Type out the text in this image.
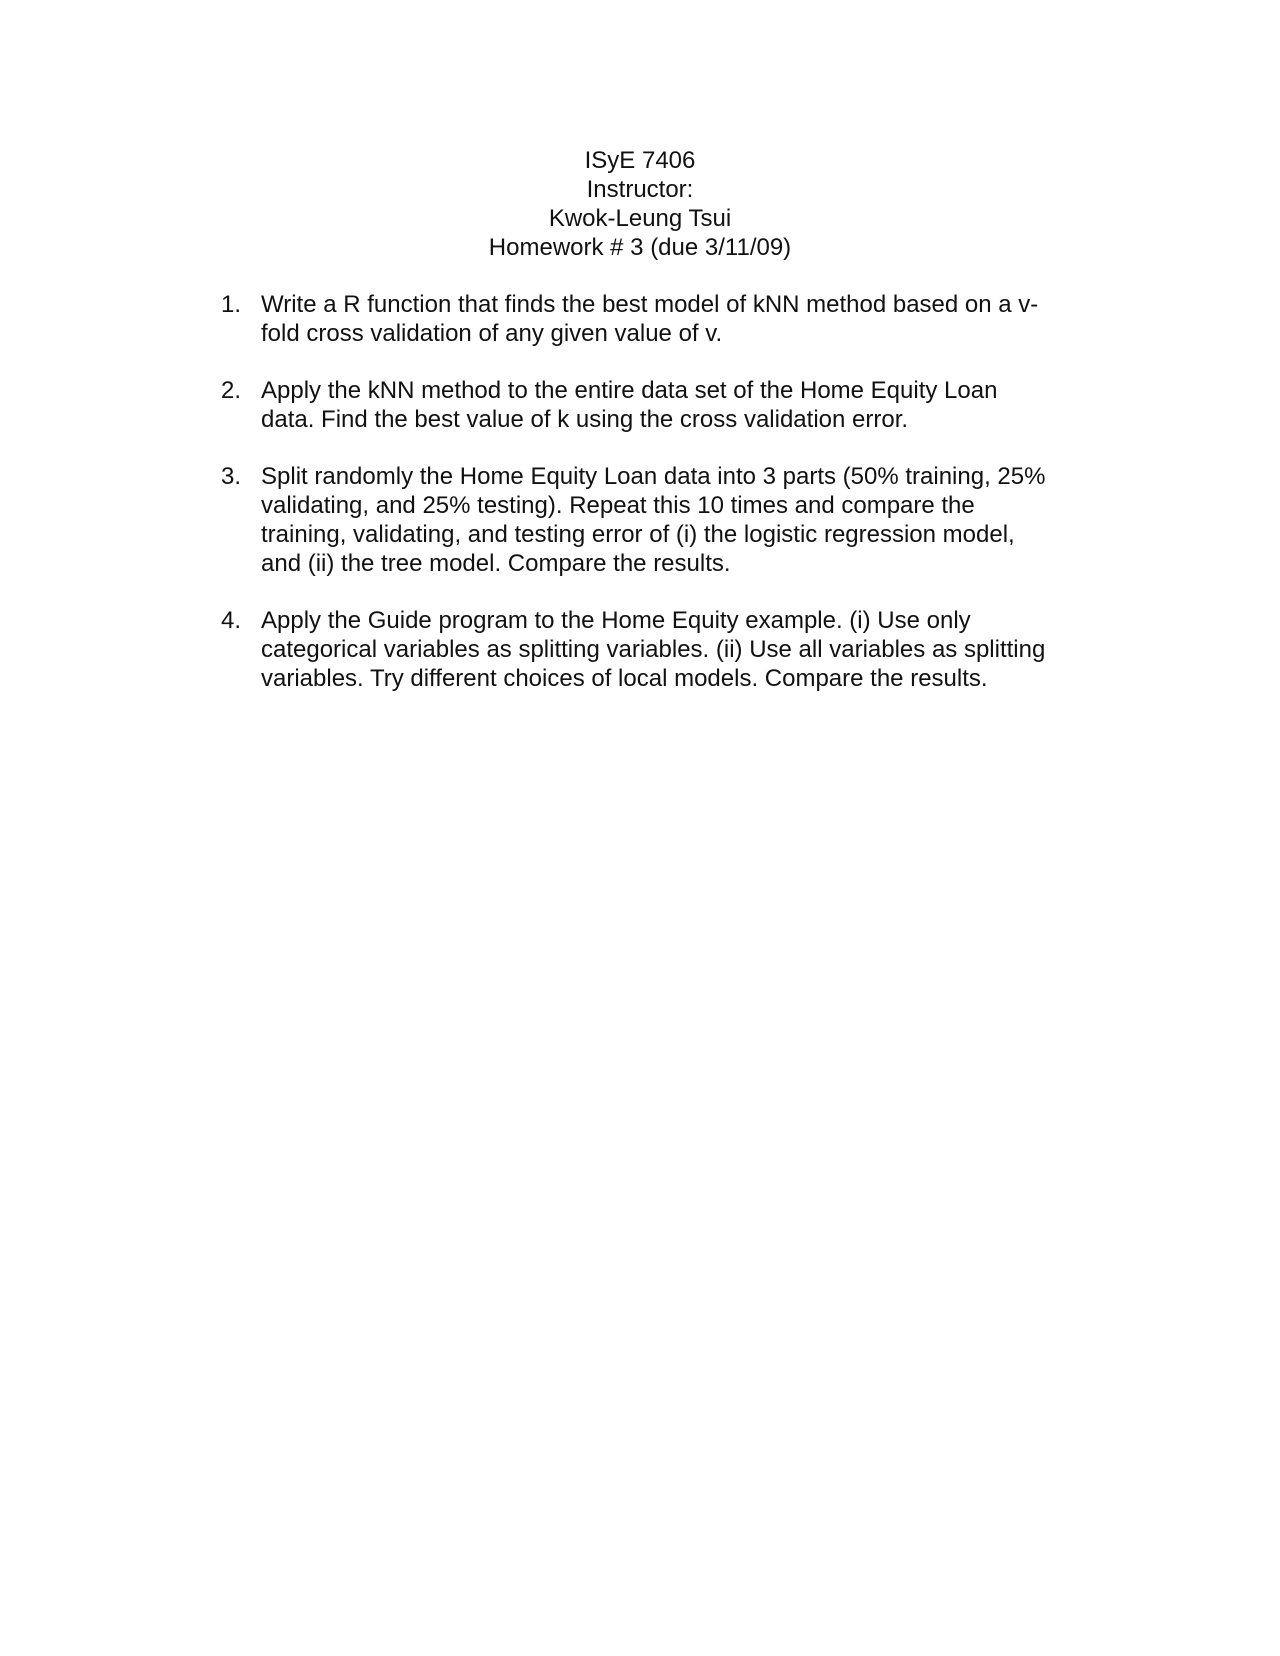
ISyE 7406
Instructor:
Kwok-Leung Tsui
Homework # 3 (due 3/11/09)
1. Write a R function that finds the best model of kNN method based on a v-
fold cross validation of any given value of v.
2. Apply the kNN method to the entire data set of the Home Equity Loan
data. Find the best value of k using the cross validation error.
3. Split randomly the Home Equity Loan data into 3 parts (50% training, 25%
validating, and 25% testing). Repeat this 10 times and compare the
training, validating, and testing error of (i) the logistic regression model,
and (ii) the tree model. Compare the results.
4. Apply the Guide program to the Home Equity example. (i) Use only
categorical variables as splitting variables. (ii) Use all variables as splitting
variables. Try different choices of local models. Compare the results.
